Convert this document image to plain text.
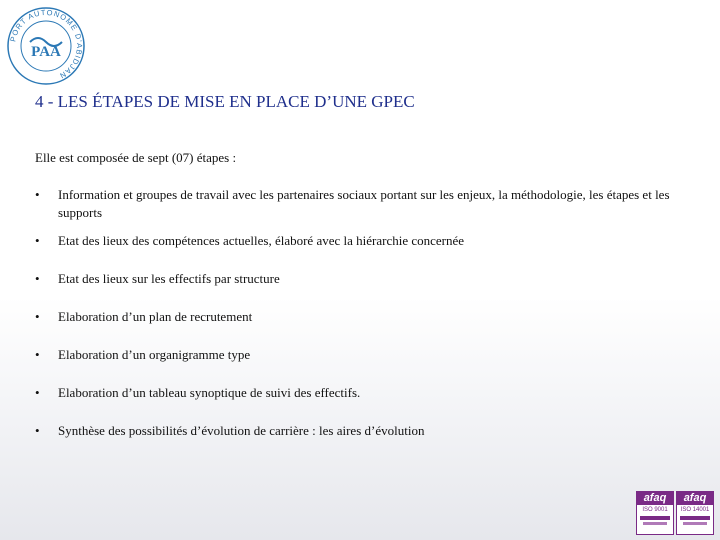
PORT AUTONOME D'ABIDJAN
PAA
4 - LES ÉTAPES DE MISE EN PLACE D’UNE GPEC
Elle est composée de sept (07) étapes :
• Information et groupes de travail avec les partenaires sociaux portant sur les enjeux, la méthodologie, les étapes et les supports
• Etat des lieux des compétences actuelles, élaboré avec la hiérarchie concernée
• Etat des lieux sur les effectifs par structure
• Elaboration d’un plan de recrutement
• Elaboration d’un organigramme type
• Elaboration d’un tableau synoptique de suivi des effectifs.
• Synthèse des possibilités d’évolution de carrière : les aires d’évolution
afaq
ISO 9001
afaq
ISO 14001
